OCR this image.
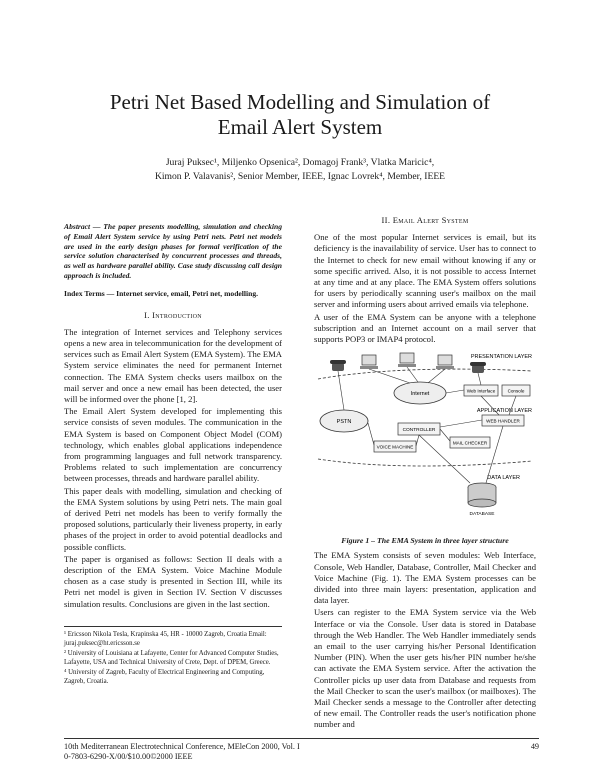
Petri Net Based Modelling and Simulation of
Email Alert System
Juraj Puksec¹, Miljenko Opsenica², Domagoj Frank³, Vlatka Maricic⁴,
Kimon P. Valavanis², Senior Member, IEEE, Ignac Lovrek⁴, Member, IEEE

Abstract — The paper presents modelling, simulation and checking of Email Alert System service by using Petri nets. Petri net models are used in the early design phases for formal verification of the service solution characterised by concurrent processes and threads, as well as hardware parallel ability. Case study discussing call design approach is included.

Index Terms — Internet service, email, Petri net, modelling.

I. Introduction

The integration of Internet services and Telephony services opens a new area in telecommunication for the development of services such as Email Alert System (EMA System). The EMA System service eliminates the need for permanent Internet connection. The EMA System checks users mailbox on the mail server and once a new email has been detected, the user will be informed over the phone [1, 2].

The Email Alert System developed for implementing this service consists of seven modules. The communication in the EMA System is based on Component Object Model (COM) technology, which enables global applications independence from programming languages and full network transparency. Problems related to such implementation are concurrency between processes, threads and hardware parallel ability.

This paper deals with modelling, simulation and checking of the EMA System solutions by using Petri nets. The main goal of derived Petri net models has been to verify formally the proposed solutions, particularly their liveness property, in early phases of the project in order to avoid potential deadlocks and possible conflicts.

The paper is organised as follows: Section II deals with a description of the EMA System. Voice Machine Module chosen as a case study is presented in Section III, while its Petri net model is given in Section IV. Section V discusses simulation results. Conclusions are given in the last section.

¹ Ericsson Nikola Tesla, Krapinska 45, HR - 10000 Zagreb, Croatia Email: juraj.puksec@ht.ericsson.se

² University of Louisiana at Lafayette, Center for Advanced Computer Studies, Lafayette, USA and Technical University of Crete, Dept. of DPEM, Greece.

⁴ University of Zagreb, Faculty of Electrical Engineering and Computing, Zagreb, Croatia.

II. Email Alert System

One of the most popular Internet services is email, but its deficiency is the inavailability of service. User has to connect to the Internet to check for new email without knowing if any or some specific arrived. Also, it is not possible to access Internet at any time and at any place. The EMA System offers solutions for users by periodically scanning user's mailbox on the mail server and informing users about arrived emails via telephone.

A user of the EMA System can be anyone with a telephone subscription and an Internet account on a mail server that supports POP3 or IMAP4 protocol.

PRESENTATION LAYER
APPLICATION LAYER
DATA LAYER
PSTN
Internet	Web Interface	Console
CONTROLLER
VOICE MACHINE
MAIL CHECKER
WEB HANDLER
DATABASE

Figure 1 – The EMA System in three layer structure

The EMA System consists of seven modules: Web Interface, Console, Web Handler, Database, Controller, Mail Checker and Voice Machine (Fig. 1). The EMA System processes can be divided into three main layers: presentation, application and data layer.

Users can register to the EMA System service via the Web Interface or via the Console. User data is stored in Database through the Web Handler. The Web Handler immediately sends an email to the user carrying his/her Personal Identification Number (PIN). When the user gets his/her PIN number he/she can activate the EMA System service. After the activation the Controller picks up user data from Database and requests from the Mail Checker to scan the user's mailbox (or mailboxes). The Mail Checker sends a message to the Controller after detecting of new email. The Controller reads the user's notification phone number and

10th Mediterranean Electrotechnical Conference, MEleCon 2000, Vol. I
0-7803-6290-X/00/$10.00©2000 IEEE
49
